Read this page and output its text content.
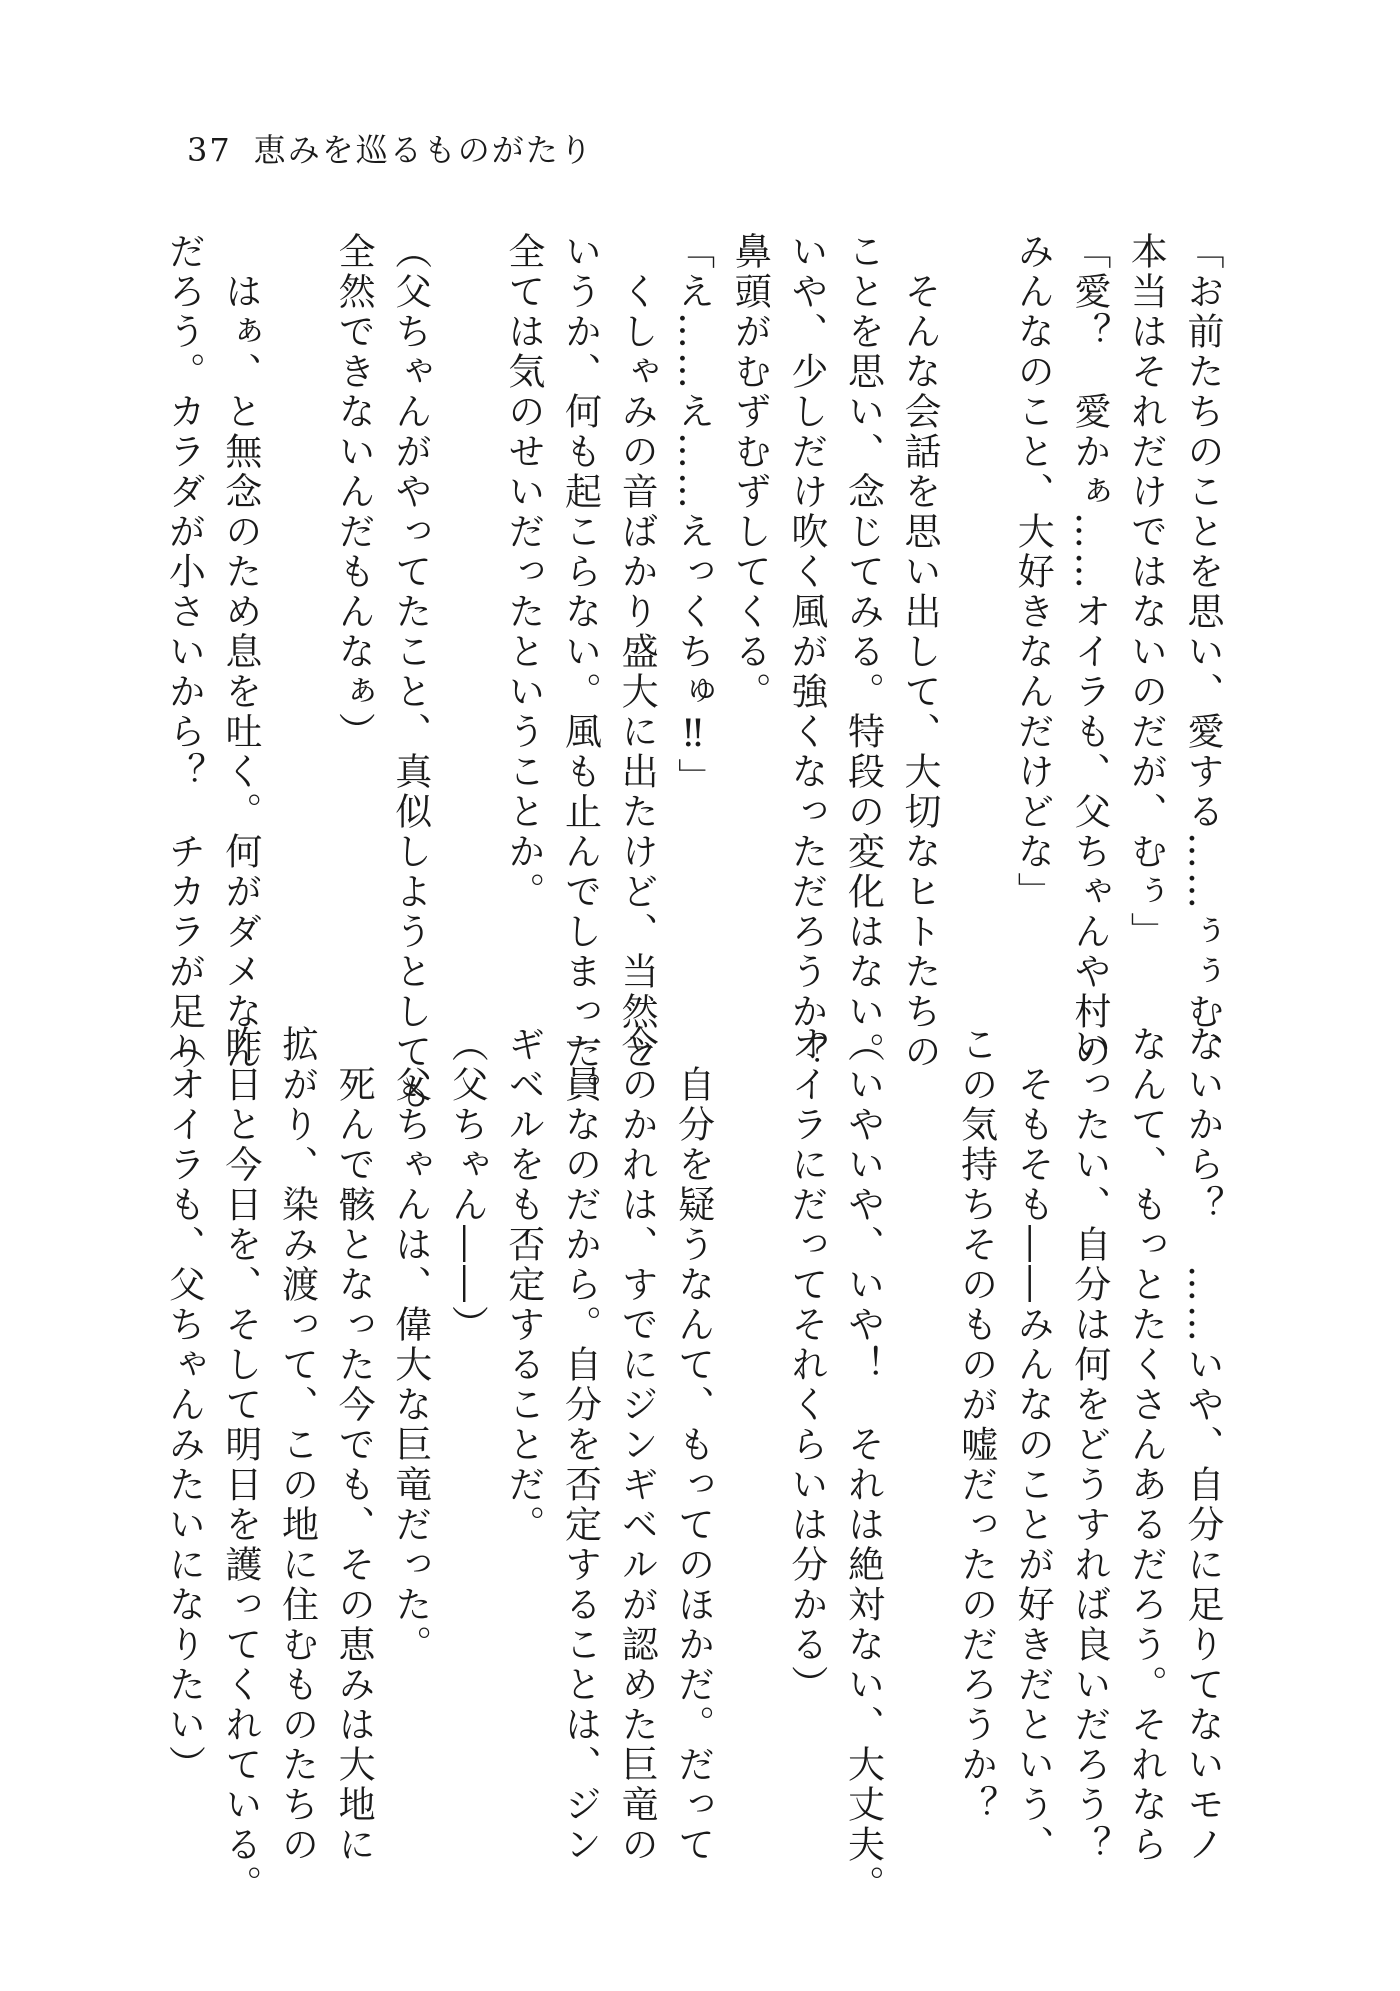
37 恵みを巡るものがたり
「お前たちのことを思い、愛する……ぅぅむ、
本当はそれだけではないのだが、むぅ」
「愛？　愛かぁ……オイラも、父ちゃんや村の
みんなのこと、大好きなんだけどな」
　そんな会話を思い出して、大切なヒトたちの
ことを思い、念じてみる。特段の変化はない。
いや、少しだけ吹く風が強くなっただろうか？
鼻頭がむずむずしてくる。
「え……え……えっくちゅ‼」
　くしゃみの音ばかり盛大に出たけど、当然と
いうか、何も起こらない。風も止んでしまった。
全ては気のせいだったということか。
（父ちゃんがやってたこと、真似しようとしても
全然できないんだもんなぁ）
　はぁ、と無念のため息を吐く。何がダメなん
だろう。カラダが小さいから？　チカラが足り
ないから？　……いや、自分に足りてないモノ
なんて、もっとたくさんあるだろう。それなら
いったい、自分は何をどうすれば良いだろう？
　そもそも――みんなのことが好きだという、
この気持ちそのものが嘘だったのだろうか？
（いやいや、いや！　それは絶対ない、大丈夫。
オイラにだってそれくらいは分かる）
　自分を疑うなんて、もってのほかだ。だって
今のかれは、すでにジンギベルが認めた巨竜の
一員なのだから。自分を否定することは、ジン
ギベルをも否定することだ。
（父ちゃん――）
　父ちゃんは、偉大な巨竜だった。
　死んで骸となった今でも、その恵みは大地に
拡がり、染み渡って、この地に住むものたちの
昨日と今日を、そして明日を護ってくれている。
（オイラも、父ちゃんみたいになりたい）
